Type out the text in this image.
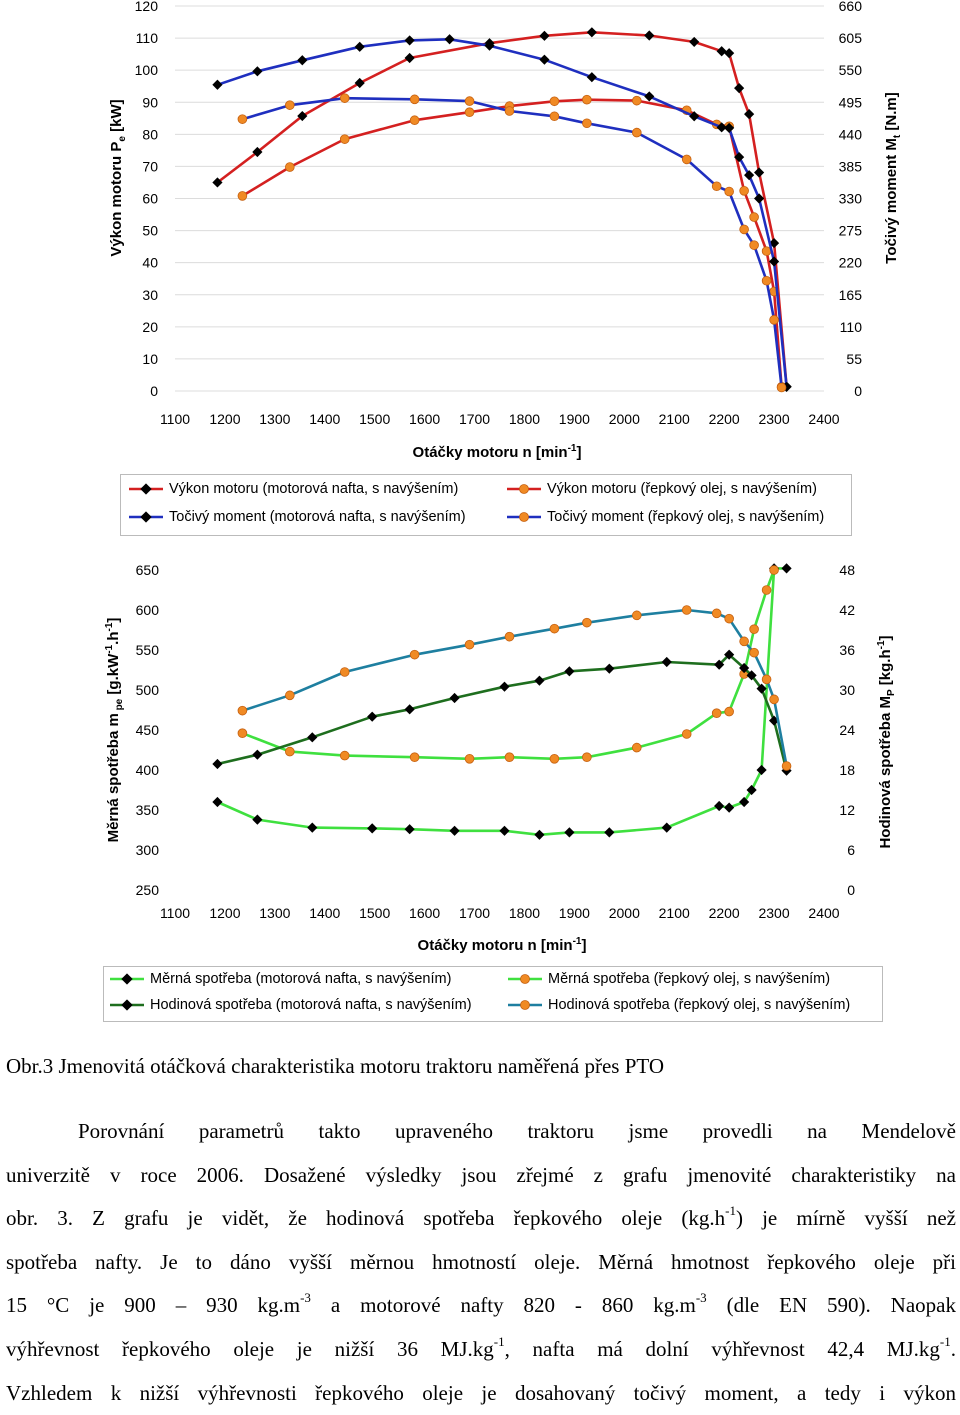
0
10
20
30
40
50
60
70
80
90
100
110
120
0
55
110
165
220
275
330
385
440
495
550
605
660
1100 1200 1300 1400 1500 1600 1700 1800 1900 2000 2100 2200 2300 2400
Otáčky motoru n $[\min^{-1}]$
Výkon motoru $P_e$ [kW]
Točivý moment $M_t$ [N.m]
Výkon motoru (motorová nafta, s navýšením)	Výkon motoru (řepkový olej, s navýšením)
Točivý moment (motorová nafta, s navýšením)	Točivý moment (řepkový olej, s navýšením)
250
300
350
400
450
500
550
600
650
0
6
12
18
24
30
36
42
48
1100 1200 1300 1400 1500 1600 1700 1800 1900 2000 2100 2200 2300 2400
Otáčky motoru n $[\min^{-1}]$
Měrná spotřeba m $_{pe}$ $[g.kW^{-1}.h^{-1}]$
Hodinová spotřeba $M_P$ $[kg.h^{-1}]$
Měrná spotřeba (motorová nafta, s navýšením)	Měrná spotřeba (řepkový olej, s navýšením)
Hodinová spotřeba (motorová nafta, s navýšením)	Hodinová spotřeba (řepkový olej, s navýšením)
Obr.3 Jmenovitá otáčková charakteristika motoru traktoru naměřená přes PTO
Porovnání parametrů takto upraveného traktoru jsme provedli na Mendelově
univerzitě v roce 2006. Dosažené výsledky jsou zřejmé z grafu jmenovité charakteristiky na
obr. 3. Z grafu je vidět, že hodinová spotřeba řepkového oleje $(kg.h^{-1})$ je mírně vyšší než
spotřeba nafty. Je to dáno vyšší měrnou hmotností oleje. Měrná hmotnost řepkového oleje při
15 °C je 900 – 930 $kg.m^{-3}$ a motorové nafty 820 - 860 $kg.m^{-3}$ (dle EN 590). Naopak
výhřevnost řepkového oleje je nižší 36 $MJ.kg^{-1}$, nafta má dolní výhřevnost 42,4 $MJ.kg^{-1}$.
Vzhledem k nižší výhřevnosti řepkového oleje je dosahovaný točivý moment, a tedy i výkon
